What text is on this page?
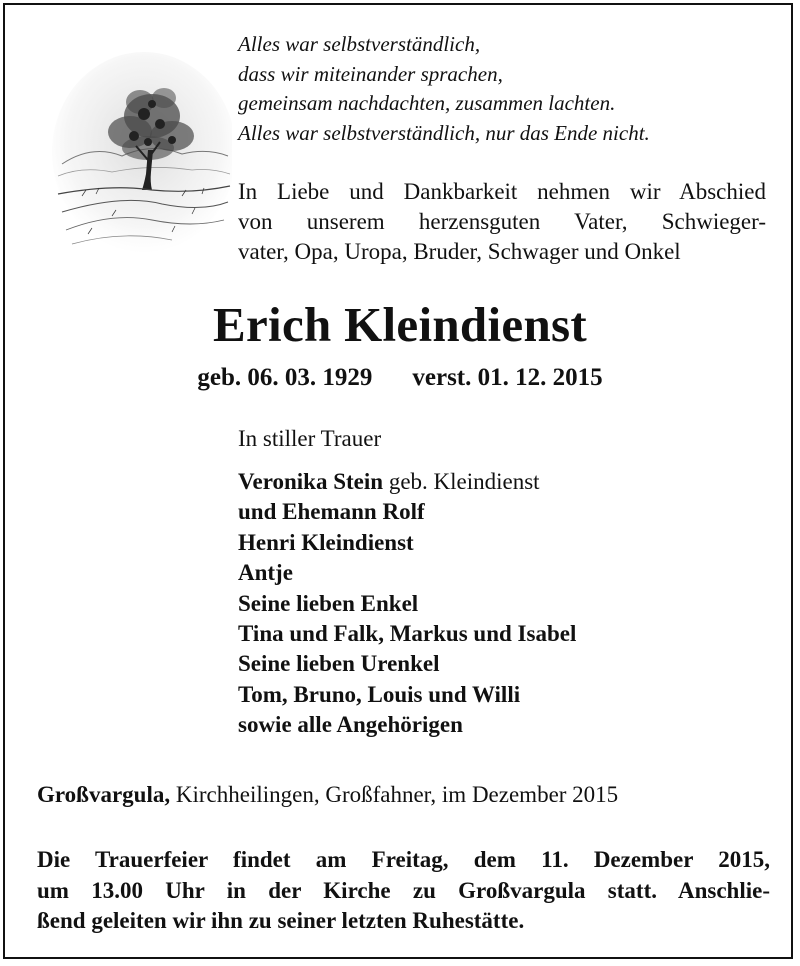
Alles war selbstverständlich,
dass wir miteinander sprachen,
gemeinsam nachdachten, zusammen lachten.
Alles war selbstverständlich, nur das Ende nicht.
In Liebe und Dankbarkeit nehmen wir Abschied
von unserem herzensguten Vater, Schwieger-
vater, Opa, Uropa, Bruder, Schwager und Onkel
Erich Kleindienst
geb. 06. 03. 1929 verst. 01. 12. 2015
In stiller Trauer
Veronika Stein geb. Kleindienst
und Ehemann Rolf
Henri Kleindienst
Antje
Seine lieben Enkel
Tina und Falk, Markus und Isabel
Seine lieben Urenkel
Tom, Bruno, Louis und Willi
sowie alle Angehörigen
Großvargula, Kirchheilingen, Großfahner, im Dezember 2015
Die Trauerfeier findet am Freitag, dem 11. Dezember 2015,
um 13.00 Uhr in der Kirche zu Großvargula statt. Anschlie-
ßend geleiten wir ihn zu seiner letzten Ruhestätte.
